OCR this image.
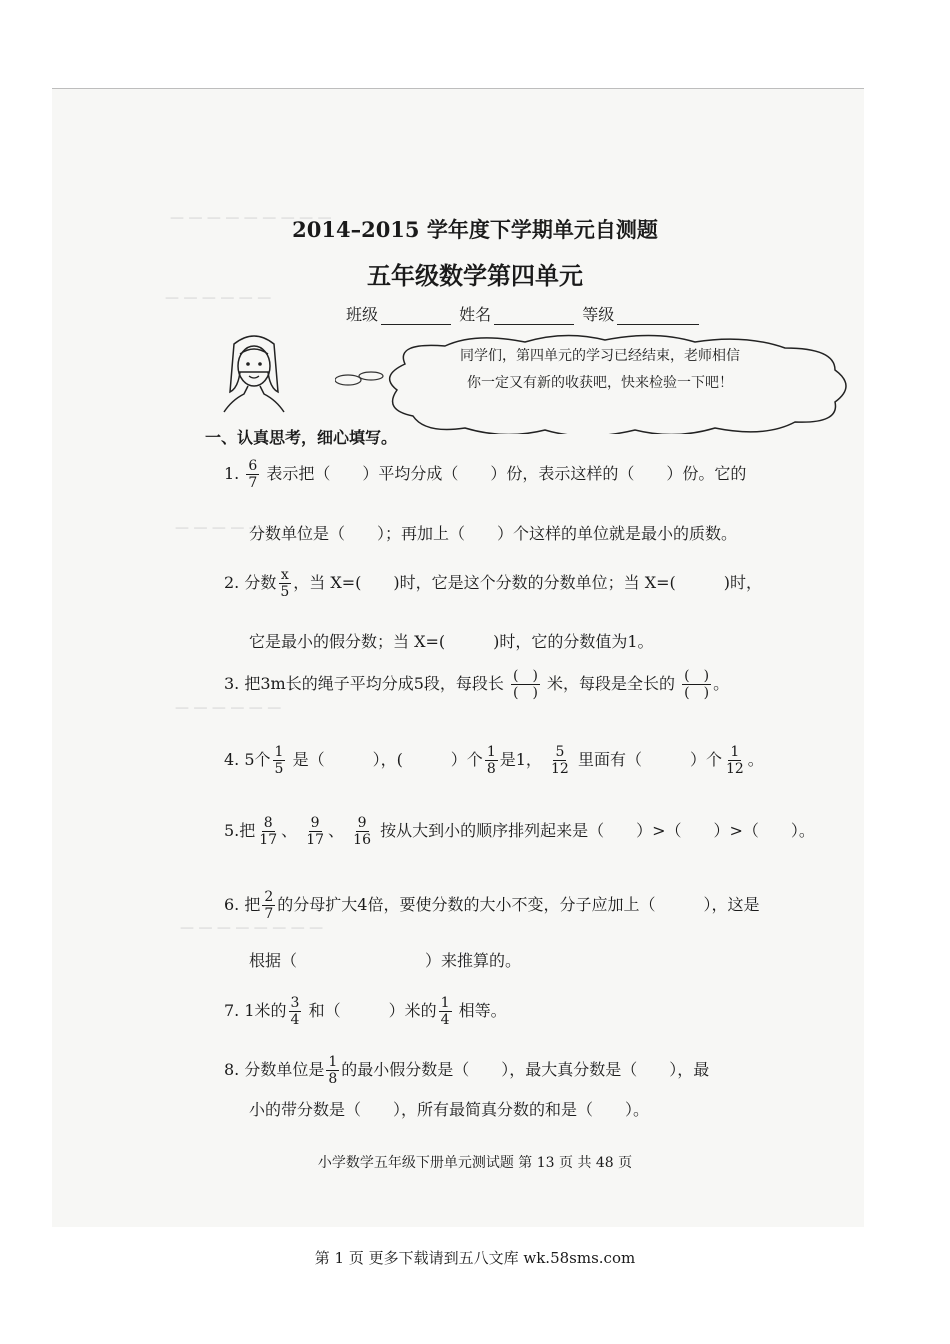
— — — — — — — — —
— — — — — —
— — — — —
— — — — — —
— — — — — — — —
2014–2015 学年度下学期单元自测题
五年级数学第四单元
班级	姓名	等级
同学们，第四单元的学习已经结束，老师相信
你一定又有新的收获吧，快来检验一下吧！
一、认真思考，细心填写。
1. $\frac{6}{7}$ 表示把（　　）平均分成（　　）份，表示这样的（　　）份。它的
分数单位是（　　）；再加上（　　）个这样的单位就是最小的质数。
2. 分数 $\frac{x}{5}$ ，当 X=(　　)时，它是这个分数的分数单位；当 X=(　　　)时，
它是最小的假分数；当 X=(　　　)时，它的分数值为1。
3. 把3m长的绳子平均分成5段，每段长 $\frac{( )}{( )}$ 米，每段是全长的 $\frac{( )}{( )}$ 。
4. 5个 $\frac{1}{5}$ 是（　　　），(　　　）个 $\frac{1}{8}$ 是1， $\frac{5}{12}$ 里面有（　　　）个 $\frac{1}{12}$ 。
5.把 $\frac{8}{17}$ 、 $\frac{9}{17}$ 、 $\frac{9}{16}$ 按从大到小的顺序排列起来是（　　）>（　　）>（　　）。
6. 把 $\frac{2}{7}$ 的分母扩大4倍，要使分数的大小不变，分子应加上（　　　），这是
根据（　　　　　　　　）来推算的。
7. 1米的 $\frac{3}{4}$ 和（　　　）米的 $\frac{1}{4}$ 相等。
8. 分数单位是 $\frac{1}{8}$ 的最小假分数是（　　），最大真分数是（　　），最
小的带分数是（　　），所有最简真分数的和是（　　）。
小学数学五年级下册单元测试题 第 13 页 共 48 页
第 1 页 更多下载请到五八文库 wk.58sms.com
